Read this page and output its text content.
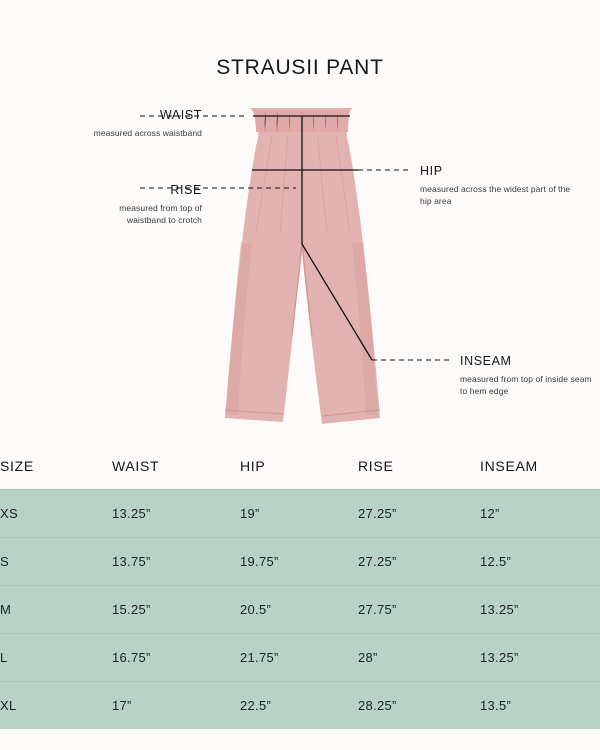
STRAUSII PANT
WAIST
measured across waistband
RISE
measured from top of waistband to crotch
HIP
measured across the widest part of the hip area
INSEAM
measured from top of inside seam to hem edge
SIZE	WAIST	HIP	RISE	INSEAM
XS	13.25”	19”	27.25”	12”
S	13.75”	19.75”	27.25”	12.5”
M	15.25”	20.5”	27.75”	13.25”
L	16.75”	21.75”	28”	13.25”
XL	17”	22.5”	28.25”	13.5”
